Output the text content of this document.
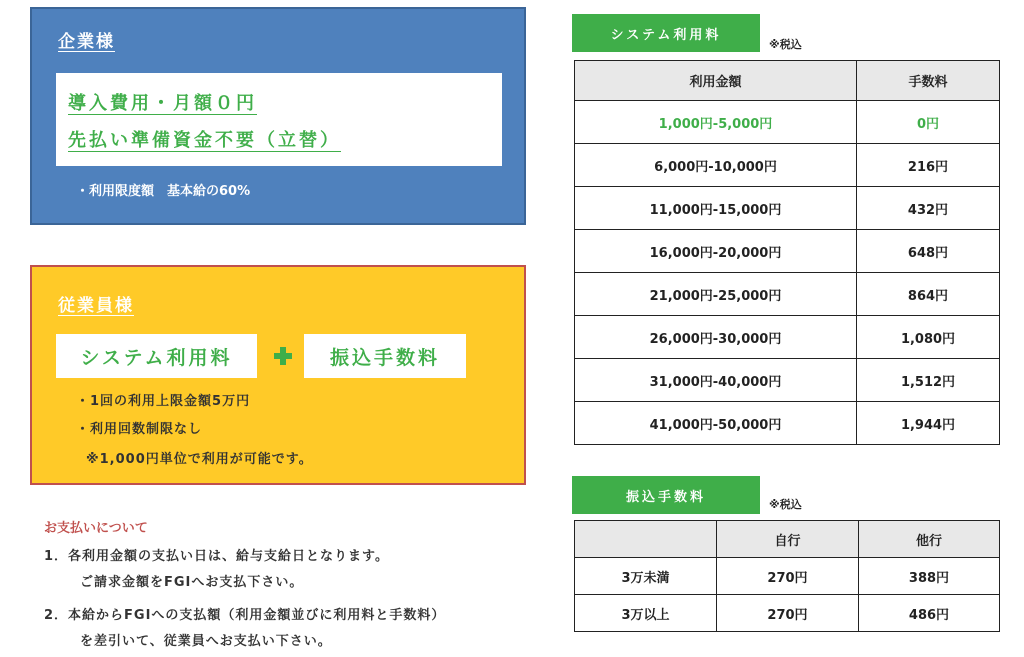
企業様
導入費用・月額０円
先払い準備資金不要（立替）
・利用限度額　基本給の60%
従業員様
システム利用料	振込手数料
・1回の利用上限金額5万円
・利用回数制限なし
※1,000円単位で利用が可能です。
お支払いについて
1．各利用金額の支払い日は、給与支給日となります。
ご請求金額をFGIへお支払下さい。
2．本給からFGIへの支払額（利用金額並びに利用料と手数料）
を差引いて、従業員へお支払い下さい。
システム利用料
※税込
利用金額	手数料
1,000円-5,000円	0円
6,000円-10,000円	216円
11,000円-15,000円	432円
16,000円-20,000円	648円
21,000円-25,000円	864円
26,000円-30,000円	1,080円
31,000円-40,000円	1,512円
41,000円-50,000円	1,944円
振込手数料	※税込
	自行	他行
3万未満	270円	388円
3万以上	270円	486円
